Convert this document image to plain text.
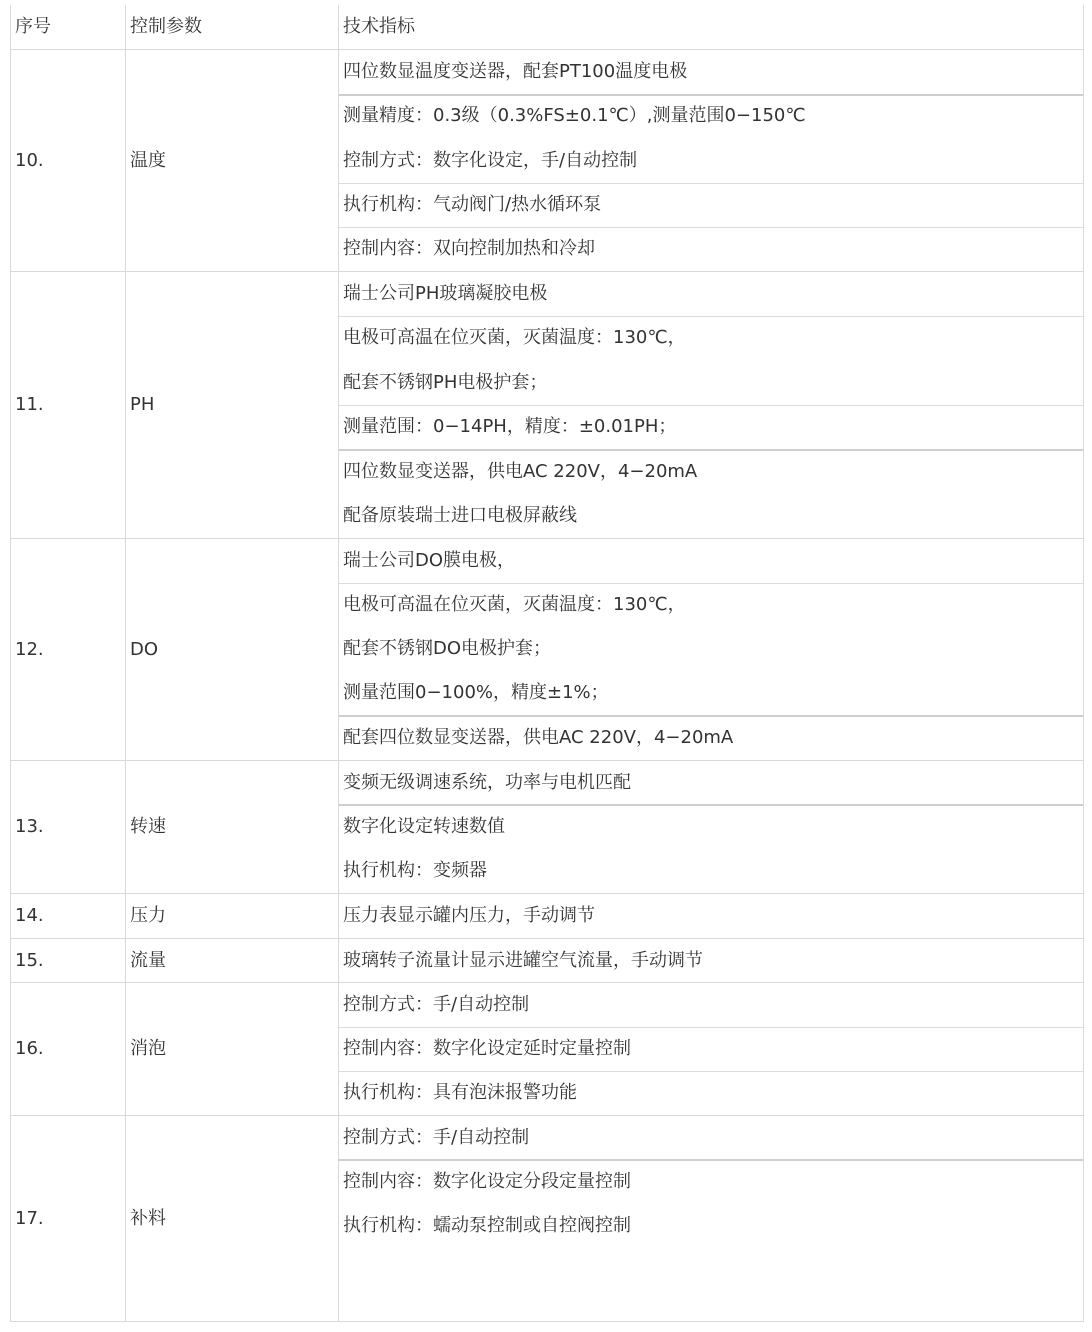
序号	控制参数	技术指标
10.	温度
四位数显温度变送器，配套PT100温度电极
测量精度：0.3级（0.3%FS±0.1℃）,测量范围0−150℃
控制方式：数字化设定，手/自动控制
执行机构：气动阀门/热水循环泵
控制内容：双向控制加热和冷却
11.	PH
瑞士公司PH玻璃凝胶电极
电极可高温在位灭菌，灭菌温度：130℃，
配套不锈钢PH电极护套；
测量范围：0−14PH，精度：±0.01PH；
四位数显变送器，供电AC 220V，4−20mA
配备原装瑞士进口电极屏蔽线
12.	DO
瑞士公司DO膜电极，
电极可高温在位灭菌，灭菌温度：130℃，
配套不锈钢DO电极护套；
测量范围0−100%，精度±1%；
配套四位数显变送器，供电AC 220V，4−20mA
13.	转速
变频无级调速系统，功率与电机匹配
数字化设定转速数值
执行机构：变频器
14.	压力	压力表显示罐内压力，手动调节
15.	流量	玻璃转子流量计显示进罐空气流量，手动调节
16.	消泡
控制方式：手/自动控制
控制内容：数字化设定延时定量控制
执行机构：具有泡沫报警功能
17.	补料
控制方式：手/自动控制
控制内容：数字化设定分段定量控制
执行机构：蠕动泵控制或自控阀控制
